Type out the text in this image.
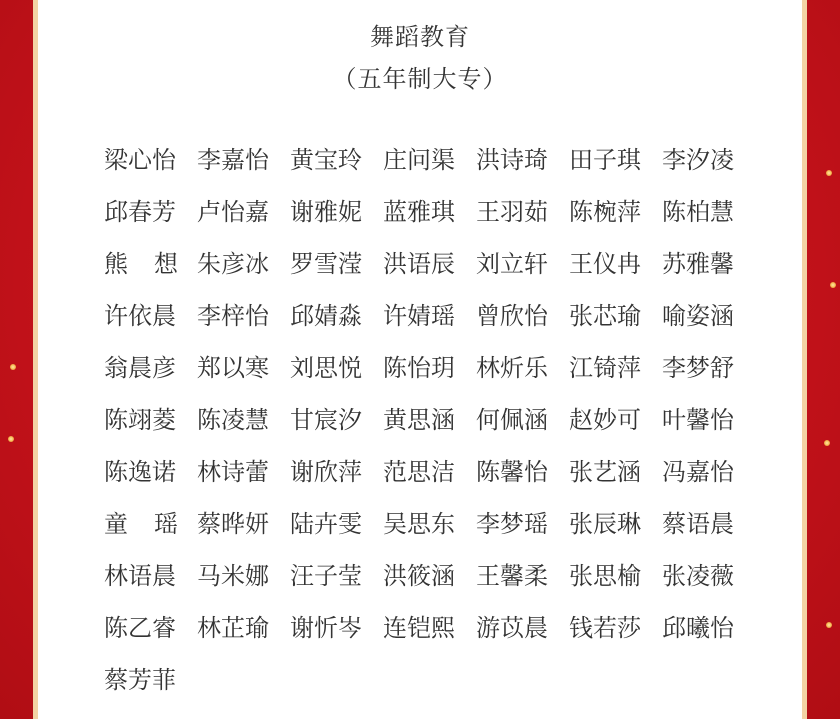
舞蹈教育
（五年制大专）
梁心怡 李嘉怡 黄宝玲 庄问渠 洪诗琦 田子琪 李汐凌
邱春芳 卢怡嘉 谢雅妮 蓝雅琪 王羽茹 陈椀萍 陈柏慧
熊想
朱彦冰 罗雪滢 洪语辰 刘立轩 王仪冉 苏雅馨
许依晨 李梓怡 邱婧淼 许婧瑶 曾欣怡 张芯瑜 喻姿涵
翁晨彦 郑以寒 刘思悦 陈怡玥 林炘乐 江锜萍 李梦舒
陈翊菱 陈凌慧 甘宸汐 黄思涵 何佩涵 赵妙可 叶馨怡
陈逸诺 林诗蕾 谢欣萍 范思洁 陈馨怡 张艺涵 冯嘉怡
童瑶
蔡晔妍 陆卉雯 吴思东 李梦瑶 张辰琳 蔡语晨
林语晨 马米娜 汪子莹 洪筱涵 王馨柔 张思榆 张凌薇
陈乙睿 林芷瑜 谢忻岑 连铠熙 游苡晨 钱若莎 邱曦怡
蔡芳菲
